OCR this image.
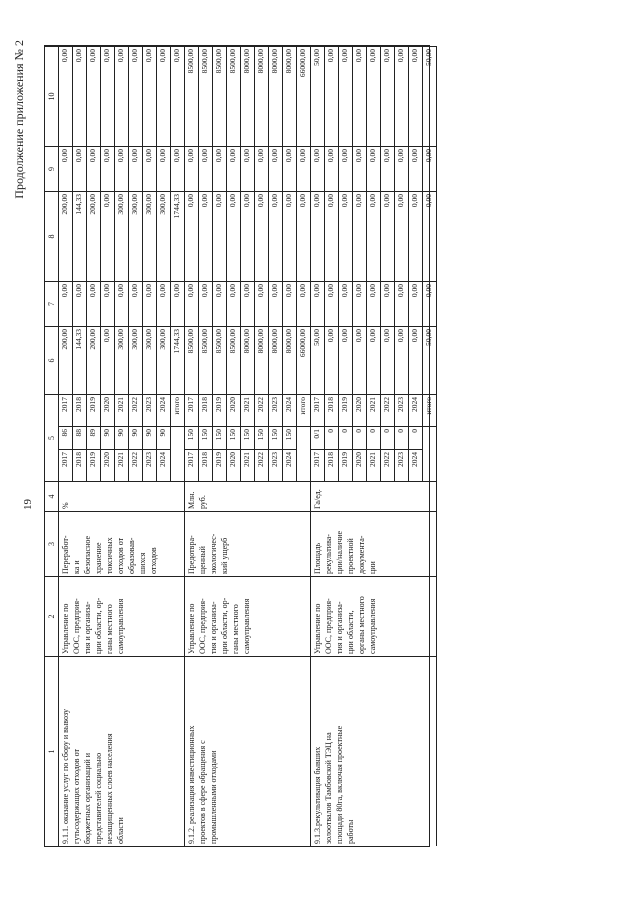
19
Продолжение приложения № 2
1
2
3
4
5
6
7
8
9
10
9.1.1. оказание услуг по сбору и вывозу
гутьсодержащих отходов от
бюджетных организаций и
представителей социально
незащищенных слоев населения
области
Управление по
ООС, предприя-
тия и организа-
ции области, ор-
ганы местного
самоуправления
Переработ-
ка и
безопасное
хранение
токсичных
отходов от
образовав-
шихся
отходов
%
2017
86
2017
200,00
0,00
200,00
0,00
0,00
2018
88
2018
144,33
0,00
144,33
0,00
0,00
2019
89
2019
200,00
0,00
200,00
0,00
0,00
2020
90
2020
0,00
0,00
0,00
0,00
0,00
2021
90
2021
300,00
0,00
300,00
0,00
0,00
2022
90
2022
300,00
0,00
300,00
0,00
0,00
2023
90
2023
300,00
0,00
300,00
0,00
0,00
2024
90
2024
300,00
0,00
300,00
0,00
0,00
итого
1744,33
0,00
1744,33
0,00
0,00
9.1.2. реализация инвестиционных
проектов в сфере обращения с
промышленными отходами
Управление по
ООС, предприя-
тия и организа-
ции области, ор-
ганы местного
самоуправления
Предотвра-
щенный
экологичес-
кий ущерб
Млн.
руб.
2017
150
2017
8500,00
0,00
0,00
0,00
8500,00
2018
150
2018
8500,00
0,00
0,00
0,00
8500,00
2019
150
2019
8500,00
0,00
0,00
0,00
8500,00
2020
150
2020
8500,00
0,00
0,00
0,00
8500,00
2021
150
2021
8000,00
0,00
0,00
0,00
8000,00
2022
150
2022
8000,00
0,00
0,00
0,00
8000,00
2023
150
2023
8000,00
0,00
0,00
0,00
8000,00
2024
150
2024
8000,00
0,00
0,00
0,00
8000,00
итого
66000,00
0,00
0,00
0,00
66000,00
9.1.3.рекультивация бывших
золоотвалов Тамбовской ТЭЦ на
площади 80га, включая проектные
работы
Управление по
ООС, предприя-
тия и организа-
ции области,
органы местного
самоуправления
Площадь
рекультива-
ции/наличие
проектной
документа-
ции
Га/ед.
2017
0/1
2017
50,00
0,00
0,00
0,00
50,00
2018
0
2018
0,00
0,00
0,00
0,00
0,00
2019
0
2019
0,00
0,00
0,00
0,00
0,00
2020
0
2020
0,00
0,00
0,00
0,00
0,00
2021
0
2021
0,00
0,00
0,00
0,00
0,00
2022
0
2022
0,00
0,00
0,00
0,00
0,00
2023
0
2023
0,00
0,00
0,00
0,00
0,00
2024
0
2024
0,00
0,00
0,00
0,00
0,00
итого
50,00
0,00
0,00
0,00
50,00
